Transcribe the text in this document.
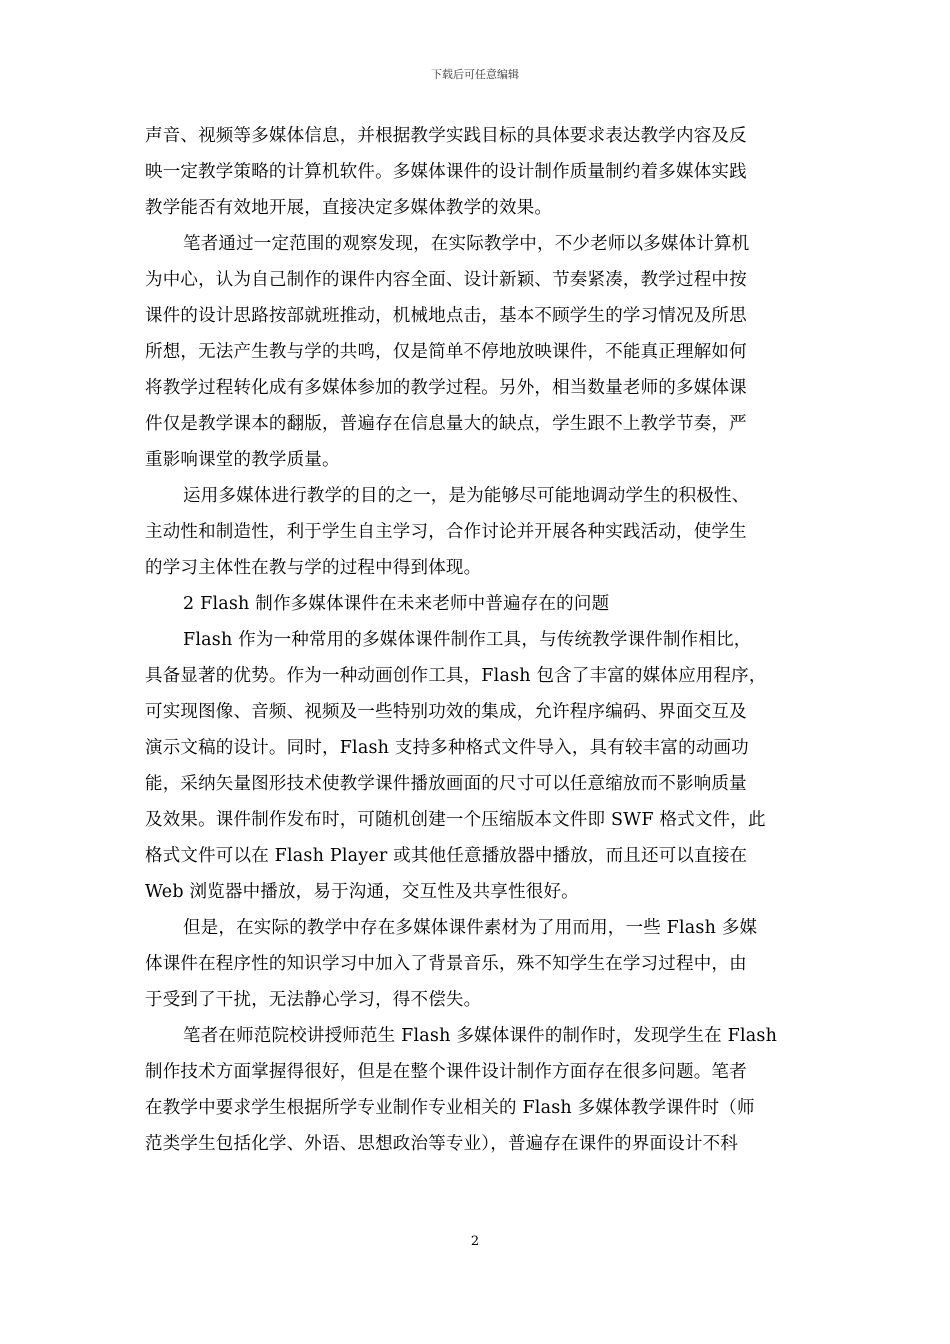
下载后可任意编辑
声音、视频等多媒体信息，并根据教学实践目标的具体要求表达教学内容及反
映一定教学策略的计算机软件。多媒体课件的设计制作质量制约着多媒体实践
教学能否有效地开展，直接决定多媒体教学的效果。
笔者通过一定范围的观察发现，在实际教学中，不少老师以多媒体计算机
为中心，认为自己制作的课件内容全面、设计新颖、节奏紧凑，教学过程中按
课件的设计思路按部就班推动，机械地点击，基本不顾学生的学习情况及所思
所想，无法产生教与学的共鸣，仅是简单不停地放映课件，不能真正理解如何
将教学过程转化成有多媒体参加的教学过程。另外，相当数量老师的多媒体课
件仅是教学课本的翻版，普遍存在信息量大的缺点，学生跟不上教学节奏，严
重影响课堂的教学质量。
运用多媒体进行教学的目的之一，是为能够尽可能地调动学生的积极性、
主动性和制造性，利于学生自主学习，合作讨论并开展各种实践活动，使学生
的学习主体性在教与学的过程中得到体现。
2 Flash 制作多媒体课件在未来老师中普遍存在的问题
Flash 作为一种常用的多媒体课件制作工具，与传统教学课件制作相比，
具备显著的优势。作为一种动画创作工具，Flash 包含了丰富的媒体应用程序，
可实现图像、音频、视频及一些特别功效的集成，允许程序编码、界面交互及
演示文稿的设计。同时，Flash 支持多种格式文件导入，具有较丰富的动画功
能，采纳矢量图形技术使教学课件播放画面的尺寸可以任意缩放而不影响质量
及效果。课件制作发布时，可随机创建一个压缩版本文件即 SWF 格式文件，此
格式文件可以在 Flash Player 或其他任意播放器中播放，而且还可以直接在
Web 浏览器中播放，易于沟通，交互性及共享性很好。
但是，在实际的教学中存在多媒体课件素材为了用而用，一些 Flash 多媒
体课件在程序性的知识学习中加入了背景音乐，殊不知学生在学习过程中，由
于受到了干扰，无法静心学习，得不偿失。
笔者在师范院校讲授师范生 Flash 多媒体课件的制作时，发现学生在 Flash
制作技术方面掌握得很好，但是在整个课件设计制作方面存在很多问题。笔者
在教学中要求学生根据所学专业制作专业相关的 Flash 多媒体教学课件时（师
范类学生包括化学、外语、思想政治等专业），普遍存在课件的界面设计不科
2
